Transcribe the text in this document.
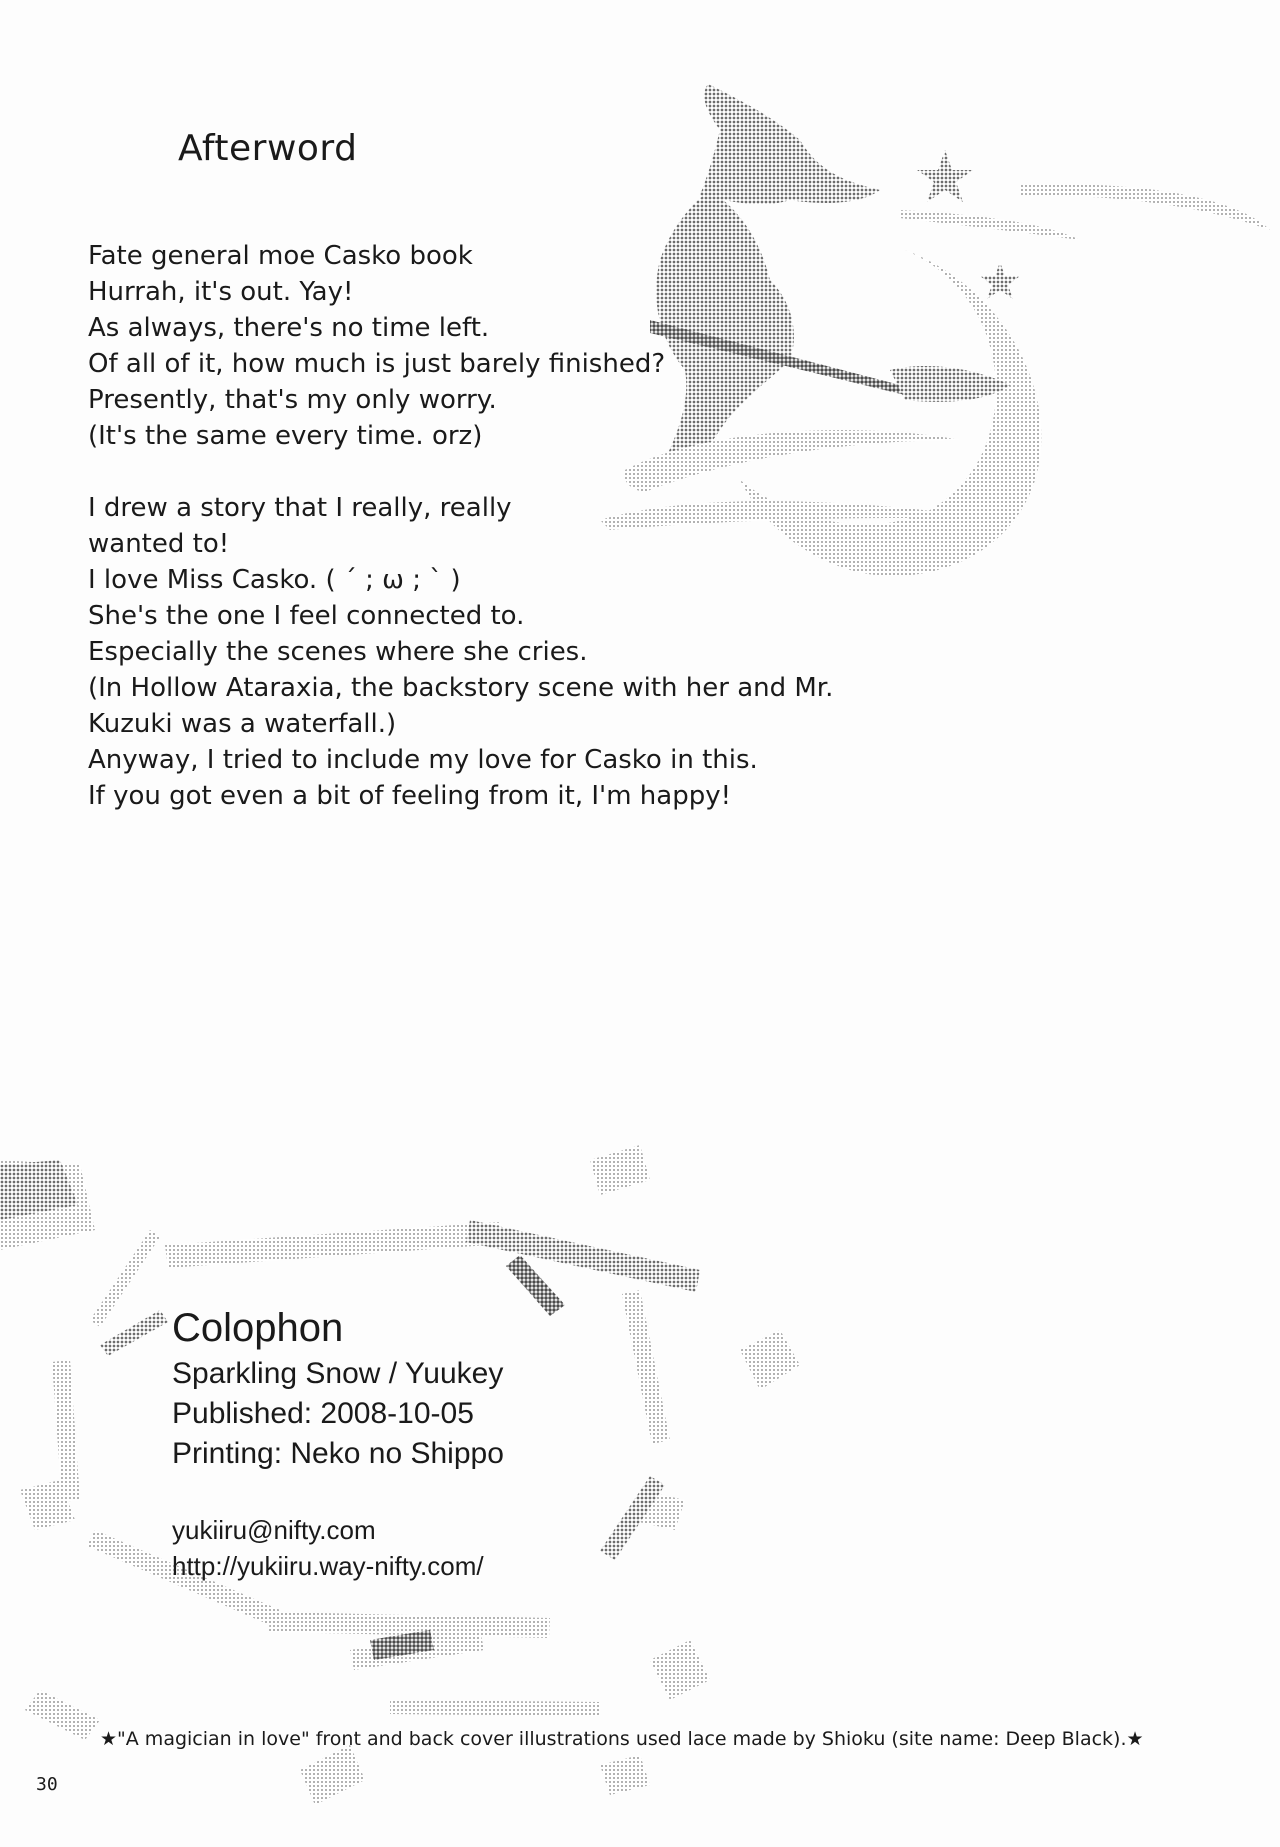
Afterword
Fate general moe Casko book
Hurrah, it's out. Yay!
As always, there's no time left.
Of all of it, how much is just barely finished?
Presently, that's my only worry.
(It's the same every time. orz)
I drew a story that I really, really
wanted to!
I love Miss Casko. ( ´ ; ω ; ` )
She's the one I feel connected to.
Especially the scenes where she cries.
(In Hollow Ataraxia, the backstory scene with her and Mr.
Kuzuki was a waterfall.)
Anyway, I tried to include my love for Casko in this.
If you got even a bit of feeling from it, I'm happy!
Colophon
Sparkling Snow / Yuukey
Published: 2008-10-05
Printing: Neko no Shippo
yukiiru@nifty.com
http://yukiiru.way-nifty.com/
★"A magician in love" front and back cover illustrations used lace made by Shioku (site name: Deep Black).★
30
